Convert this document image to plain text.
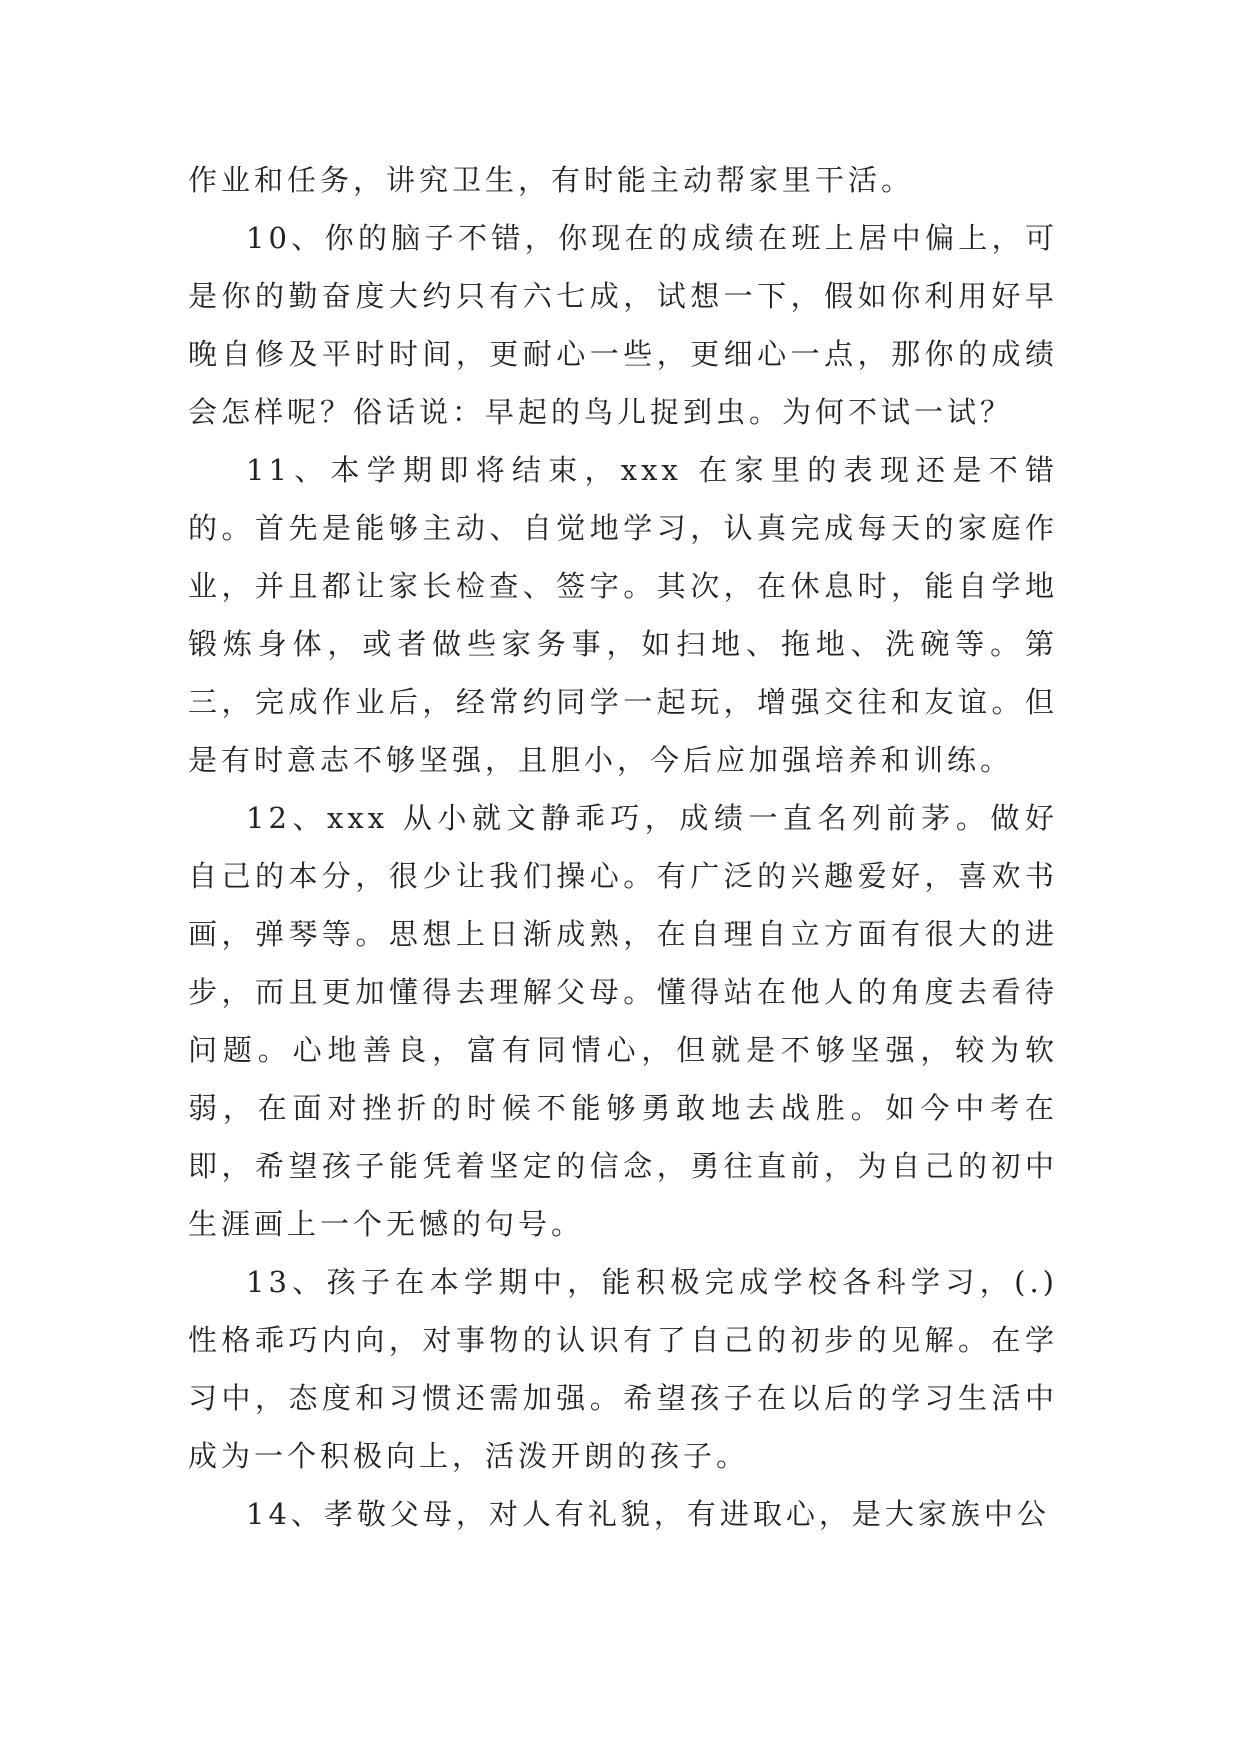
作业和任务，讲究卫生，有时能主动帮家里干活。

10、你的脑子不错，你现在的成绩在班上居中偏上，可是你的勤奋度大约只有六七成，试想一下，假如你利用好早晚自修及平时时间，更耐心一些，更细心一点，那你的成绩会怎样呢？俗话说：早起的鸟儿捉到虫。为何不试一试？

11、本学期即将结束，xxx 在家里的表现还是不错的。首先是能够主动、自觉地学习，认真完成每天的家庭作业，并且都让家长检查、签字。其次，在休息时，能自学地锻炼身体，或者做些家务事，如扫地、拖地、洗碗等。第三，完成作业后，经常约同学一起玩，增强交往和友谊。但是有时意志不够坚强，且胆小，今后应加强培养和训练。

12、xxx 从小就文静乖巧，成绩一直名列前茅。做好自己的本分，很少让我们操心。有广泛的兴趣爱好，喜欢书画，弹琴等。思想上日渐成熟，在自理自立方面有很大的进步，而且更加懂得去理解父母。懂得站在他人的角度去看待问题。心地善良，富有同情心，但就是不够坚强，较为软弱，在面对挫折的时候不能够勇敢地去战胜。如今中考在即，希望孩子能凭着坚定的信念，勇往直前，为自己的初中生涯画上一个无憾的句号。

13、孩子在本学期中，能积极完成学校各科学习，(.)性格乖巧内向，对事物的认识有了自己的初步的见解。在学习中，态度和习惯还需加强。希望孩子在以后的学习生活中成为一个积极向上，活泼开朗的孩子。

14、孝敬父母，对人有礼貌，有进取心，是大家族中公
